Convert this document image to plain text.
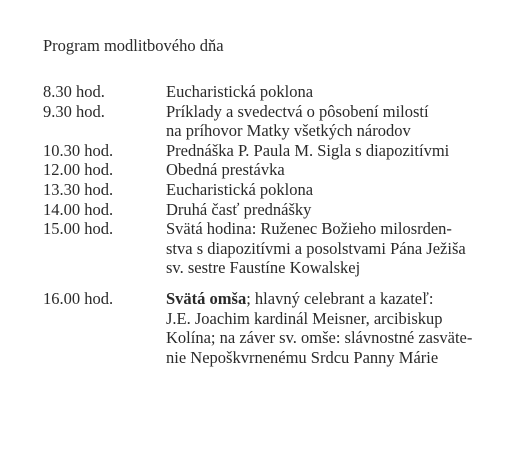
Program modlitbového dňa
8.30 hod.	Eucharistická poklona
9.30 hod.	Príklady a svedectvá o pôsobení milostí
na príhovor Matky všetkých národov
10.30 hod.	Prednáška P. Paula M. Sigla s diapozitívmi
12.00 hod.	Obedná prestávka
13.30 hod.	Eucharistická poklona
14.00 hod.	Druhá časť prednášky
15.00 hod.	Svätá hodina: Ruženec Božieho milosrden-
stva s diapozitívmi a posolstvami Pána Ježiša
sv. sestre Faustíne Kowalskej
16.00 hod.	Svätá omša; hlavný celebrant a kazateľ:
J.E. Joachim kardinál Meisner, arcibiskup
Kolína; na záver sv. omše: slávnostné zasväte-
nie Nepoškvrnenému Srdcu Panny Márie
